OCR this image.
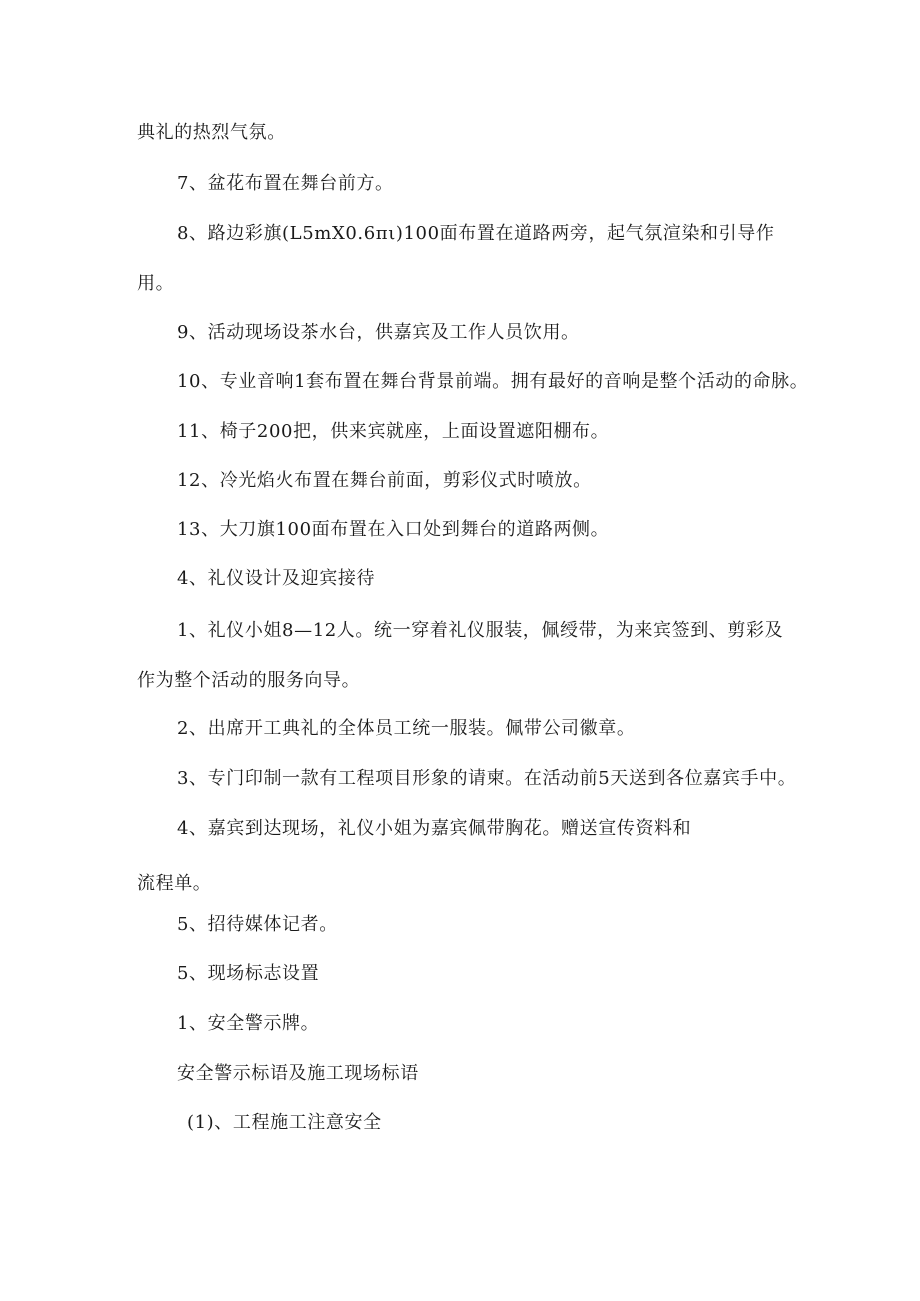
典礼的热烈气氛。
7、盆花布置在舞台前方。
8、路边彩旗(L5mX0.6πι)100面布置在道路两旁，起气氛渲染和引导作
用。
9、活动现场设茶水台，供嘉宾及工作人员饮用。
10、专业音响1套布置在舞台背景前端。拥有最好的音响是整个活动的命脉。
11、椅子200把，供来宾就座，上面设置遮阳棚布。
12、冷光焰火布置在舞台前面，剪彩仪式时喷放。
13、大刀旗100面布置在入口处到舞台的道路两侧。
4、礼仪设计及迎宾接待
1、礼仪小姐8—12人。统一穿着礼仪服装，佩绶带，为来宾签到、剪彩及
作为整个活动的服务向导。
2、出席开工典礼的全体员工统一服装。佩带公司徽章。
3、专门印制一款有工程项目形象的请柬。在活动前5天送到各位嘉宾手中。
4、嘉宾到达现场，礼仪小姐为嘉宾佩带胸花。赠送宣传资料和
流程单。
5、招待媒体记者。
5、现场标志设置
1、安全警示牌。
安全警示标语及施工现场标语
(1)、工程施工注意安全
